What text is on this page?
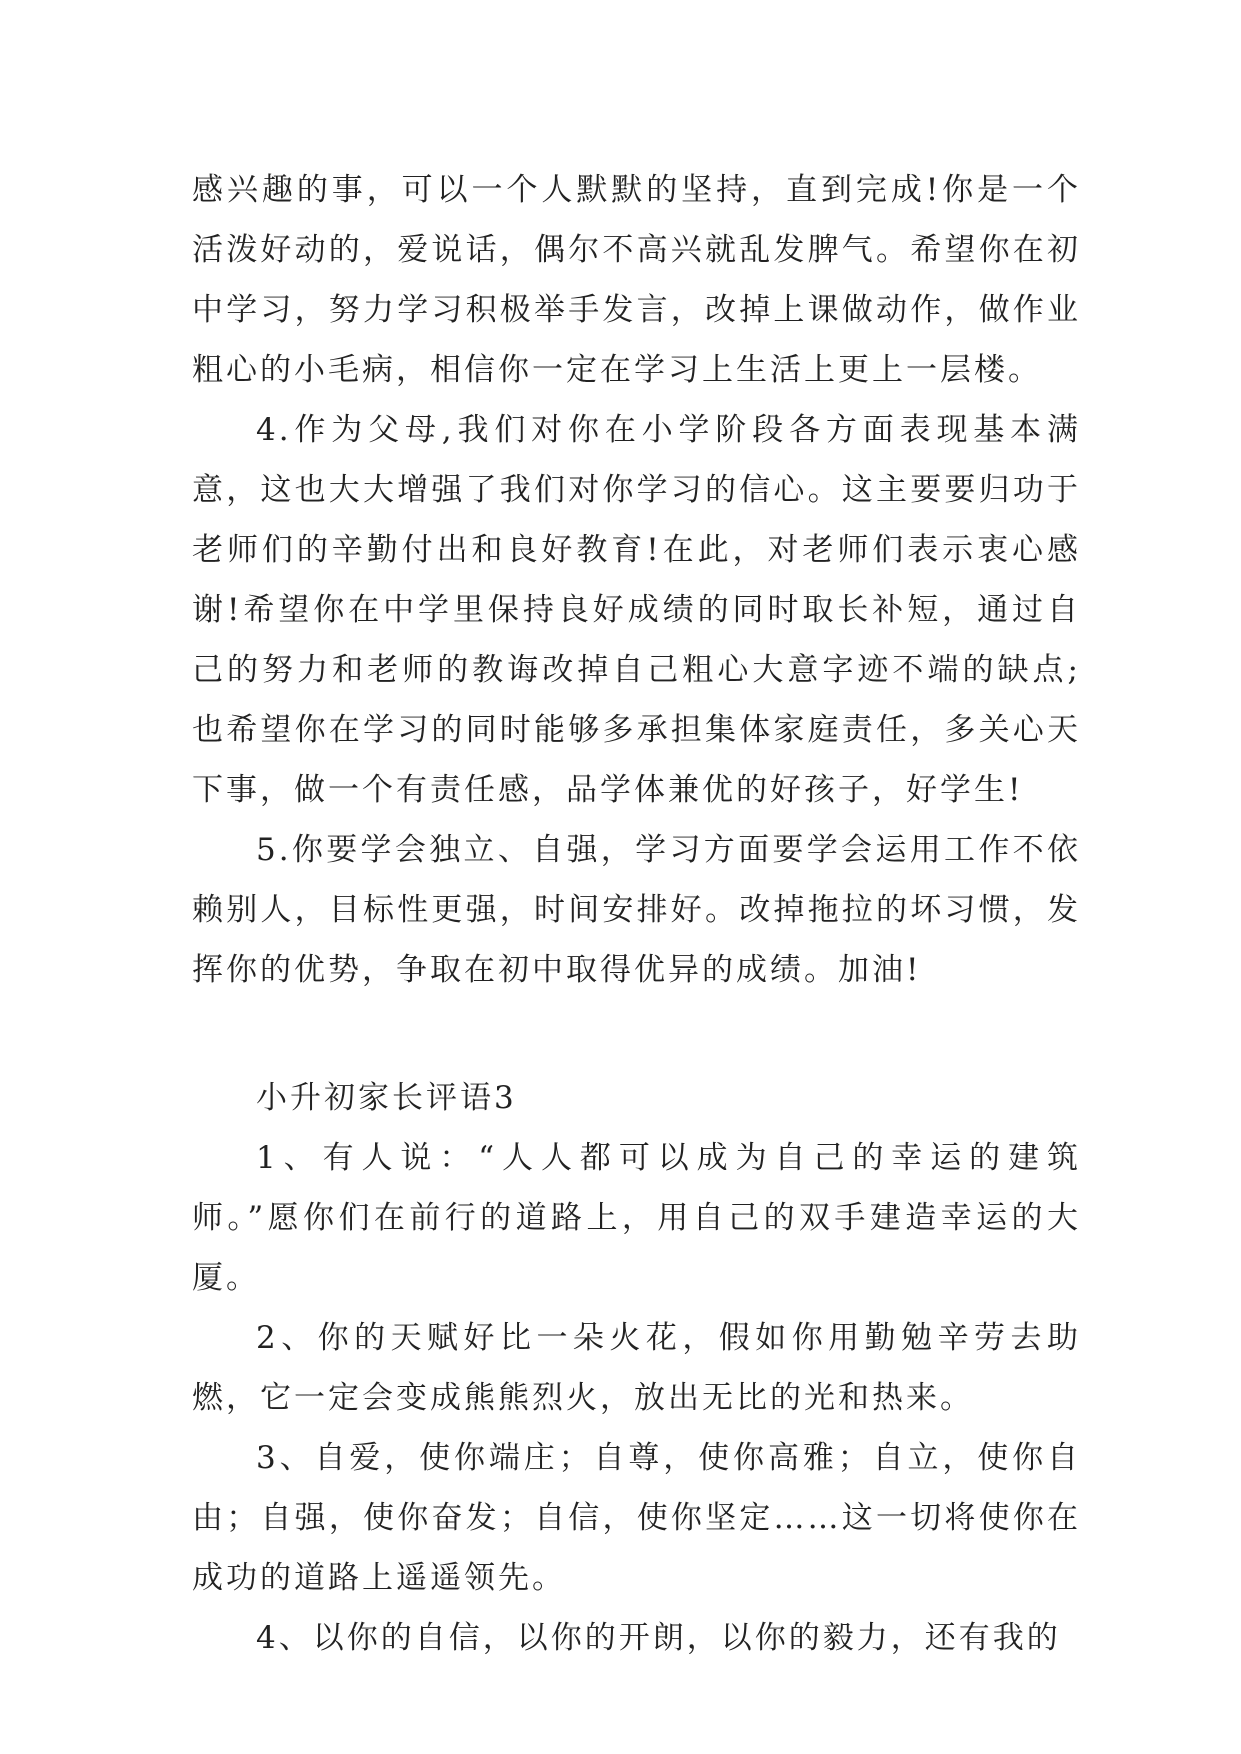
感兴趣的事，可以一个人默默的坚持，直到完成!你是一个活泼好动的，爱说话，偶尔不高兴就乱发脾气。希望你在初中学习，努力学习积极举手发言，改掉上课做动作，做作业粗心的小毛病，相信你一定在学习上生活上更上一层楼。

4.作为父母,我们对你在小学阶段各方面表现基本满意，这也大大增强了我们对你学习的信心。这主要要归功于老师们的辛勤付出和良好教育!在此，对老师们表示衷心感谢!希望你在中学里保持良好成绩的同时取长补短，通过自己的努力和老师的教诲改掉自己粗心大意字迹不端的缺点;也希望你在学习的同时能够多承担集体家庭责任，多关心天下事，做一个有责任感，品学体兼优的好孩子，好学生!

5.你要学会独立、自强，学习方面要学会运用工作不依赖别人，目标性更强，时间安排好。改掉拖拉的坏习惯，发挥你的优势，争取在初中取得优异的成绩。加油!

小升初家长评语3

1、有人说：“人人都可以成为自己的幸运的建筑师。”愿你们在前行的道路上，用自己的双手建造幸运的大厦。

2、你的天赋好比一朵火花，假如你用勤勉辛劳去助燃，它一定会变成熊熊烈火，放出无比的光和热来。

3、自爱，使你端庄；自尊，使你高雅；自立，使你自由；自强，使你奋发；自信，使你坚定……这一切将使你在成功的道路上遥遥领先。

4、以你的自信，以你的开朗，以你的毅力，还有我的
